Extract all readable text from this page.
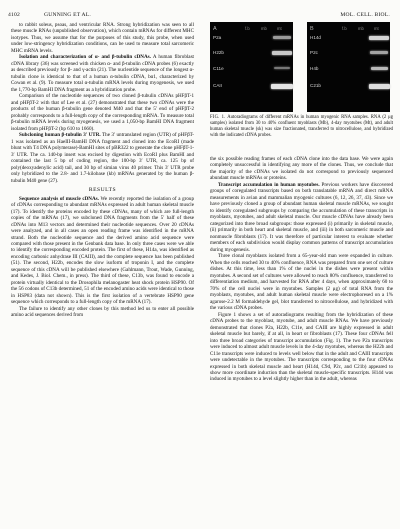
4102	GUNNING ET AL.	MOL. CELL. BIOL.

to rabbit soleus, psoas, and ventricular RNA. Strong hybridization was seen to all these muscle RNAs (unpublished observation), which contain mRNAs for different MHC isotypes. Thus, we assume that for the purposes of this study, this probe, when used under low-stringency hybridization conditions, can be used to measure total sarcomeric MHC mRNA levels.

Isolation and characterization of α- and β-tubulin cDNAs. A human fibroblast cDNA library (36) was screened with chicken α- and β-tubulin cDNA probes (6) exactly as described previously for β- and γ-actin (21). The nucleotide sequence of the longest α-tubulin clone is identical to that of a human α-tubulin cDNA, bα1, characterized by Cowan et al. (9). To measure total α-tubulin mRNA levels during myogenesis, we used the 1,770-bp BamHI DNA fragment as a hybridization probe.

Comparison of the nucleotide sequences of two cloned β-tubulin cDNAs pHFβT-1 and pHFβT-2 with that of Lee et al. (27) demonstrated that these two cDNAs were the products of the human β-tubulin gene denoted M40 and that the 5′ end of pHFβT-2 probably corresponds to a full-length copy of the corresponding mRNA. To measure total β-tubulin mRNA levels during myogenesis, we used a 1,050-bp BamHI DNA fragment isolated from pHFβT-2 (bp 610 to 1660).

Subcloning human β-tubulin 3′ UTR. The 3′ untranslated region (UTR) of pHFβT-1 was isolated as an HaeIII-BamHI DNA fragment and cloned into the EcoRI (made blunt with T4 DNA polymerase)-BamHI sites of pBR322 to generate the clone pHFβT-1-3′ UTR. The ca. 140-bp insert was excised by digestion with EcoRI plus BamHI and contained the last 5 bp of coding region, the 100-bp 3′ UTR, ca. 125 bp of poly(deoxyadenylic acid) tail, and 30 bp of simian virus 40 primer. This 3′ UTR probe only hybridized to the 2.8- and 1.7-kilobase (kb) mRNAs generated by the human β-tubulin M40 gene (27).

RESULTS

Sequence analysis of muscle cDNAs. We recently reported the isolation of a group of cDNAs corresponding to abundant mRNAs expressed in adult human skeletal muscle (17). To identify the proteins encoded by these cDNAs, many of which are full-length copies of the mRNAs (17), we subcloned DNA fragments from the 5′ half of these cDNAs into M13 vectors and determined their nucleotide sequences. Over 20 cDNAs were analyzed, and in all cases an open reading frame was identified in the mRNA strand. Both the nucleotide sequence and the derived amino acid sequence were compared with those present in the Genbank data base. In only three cases were we able to identify the corresponding encoded protein. The first of these, H14a, was identified as encoding carbonic anhydrase III (CAIII), and the complete sequence has been published (51). The second, H22b, encodes the slow isoform of troponin I, and the complete sequence of this cDNA will be published elsewhere (Gahlmann, Trout, Wade, Gunning, and Kedes, J. Biol. Chem., in press). The third of these, C13b, was found to encode a protein virtually identical to the Drosophila melanogaster heat shock protein HSP90. Of the 56 codons of C13b determined, 51 of the encoded amino acids were identical to those in HSP83 (data not shown). This is the first isolation of a vertebrate HSP90 gene sequence which corresponds to a full-length copy of the mRNA (17).

The failure to identify any other clones by this method led us to enter all possible amino acid sequences derived from

A	f.b	mb mt
P2a
H22b
C11e
CAII
B	f.b	mb mt
H14d
P2c
H4b
C21b
FIG. 1. Autoradiograms of different mRNAs in human myogenic RNA samples. RNA (2 μg samples) isolated from 30 to 40% confluent myoblasts (Mb), 4-day myotubes (Mt), and adult human skeletal muscle (sk) was size fractionated, transferred to nitrocellulose, and hybridized with the indicated cDNA probes.

the six possible reading frames of each cDNA clone into the data base. We were again completely unsuccessful in identifying any more of the clones. Thus, we conclude that the majority of the cDNAs we isolated do not correspond to previously sequenced abundant muscle mRNAs or proteins.

Transcript accumulation in human myotubes. Previous workers have discovered groups of coregulated transcripts based on both translatable mRNA and direct mRNA measurements in avian and mammalian myogenic cultures (6, 12, 26, 37, 43). Since we have previously cloned a group of abundant human skeletal muscle mRNAs, we sought to identify coregulated subgroups by comparing the accumulation of these transcripts in myoblasts, myotubes, and adult skeletal muscle. Our muscle cDNAs have already been categorized into three broad subgroups: those expressed (i) primarily in skeletal muscle, (ii) primarily in both heart and skeletal muscle, and (iii) in both sarcomeric muscle and nonmuscle fibroblasts (17). It was therefore of particular interest to evaluate whether members of each subdivision would display common patterns of transcript accumulation during myogenesis.

Three clonal myoblasts isolated from a 65-year-old man were expanded in culture. When the cells reached 30 to 40% confluence, RNA was prepared from one set of culture dishes. At this time, less than 1% of the nuclei in the dishes were present within myotubes. A second set of cultures were allowed to reach 80% confluence, transferred to differentiation medium, and harvested for RNA after 4 days, when approximately 60 to 70% of the cell nuclei were in myotubes. Samples (2 μg) of total RNA from the myoblasts, myotubes, and adult human skeletal muscle were electrophoresed on a 1% agarose-2.2 M formaldehyde gel, blot transferred to nitrocellulose, and hybridized with the various cDNA probes.

Figure 1 shows a set of autoradiograms resulting from the hybridization of these cDNA probes to the myoblast, myotube, and adult muscle RNAs. We have previously demonstrated that clones P2a, H22b, C11e, and CAIII are highly expressed in adult skeletal muscle but barely, if at all, in heart or fibroblasts (17). These four cDNAs fell into three broad categories of transcript accumulation (Fig. 1). The two P2a transcripts were induced to almost adult muscle levels in the 4-day myotubes, whereas the H22b and C11e transcripts were induced to levels well below that in the adult and CAIII transcripts were undetectable in the myotubes. The transcripts corresponding to the four cDNAs expressed in both skeletal muscle and heart (H14d, C9d, P2c, and C21b) appeared to show more coordinate induction than the skeletal muscle-specific transcripts. H14d was induced in myotubes to a level slightly higher than in the adult, whereas
